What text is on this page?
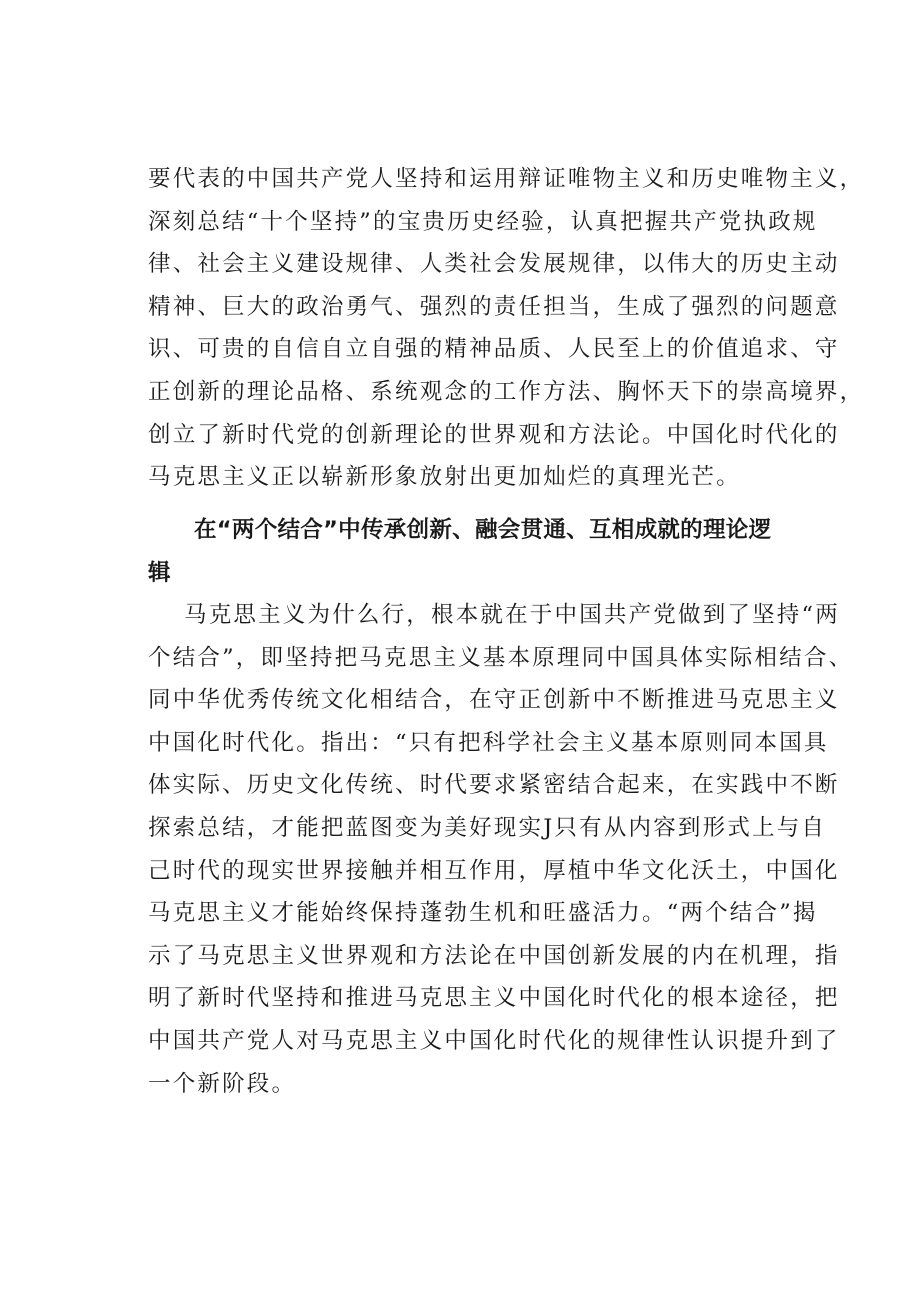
要代表的中国共产党人坚持和运用辩证唯物主义和历史唯物主义，
深刻总结“十个坚持”的宝贵历史经验，认真把握共产党执政规
律、社会主义建设规律、人类社会发展规律，以伟大的历史主动
精神、巨大的政治勇气、强烈的责任担当，生成了强烈的问题意
识、可贵的自信自立自强的精神品质、人民至上的价值追求、守
正创新的理论品格、系统观念的工作方法、胸怀天下的崇高境界，
创立了新时代党的创新理论的世界观和方法论。中国化时代化的
马克思主义正以崭新形象放射出更加灿烂的真理光芒。
在“两个结合”中传承创新、融会贯通、互相成就的理论逻
辑
马克思主义为什么行，根本就在于中国共产党做到了坚持“两
个结合”，即坚持把马克思主义基本原理同中国具体实际相结合、
同中华优秀传统文化相结合，在守正创新中不断推进马克思主义
中国化时代化。指出：“只有把科学社会主义基本原则同本国具
体实际、历史文化传统、时代要求紧密结合起来，在实践中不断
探索总结，才能把蓝图变为美好现实J只有从内容到形式上与自
己时代的现实世界接触并相互作用，厚植中华文化沃土，中国化
马克思主义才能始终保持蓬勃生机和旺盛活力。“两个结合”揭
示了马克思主义世界观和方法论在中国创新发展的内在机理，指
明了新时代坚持和推进马克思主义中国化时代化的根本途径，把
中国共产党人对马克思主义中国化时代化的规律性认识提升到了
一个新阶段。
